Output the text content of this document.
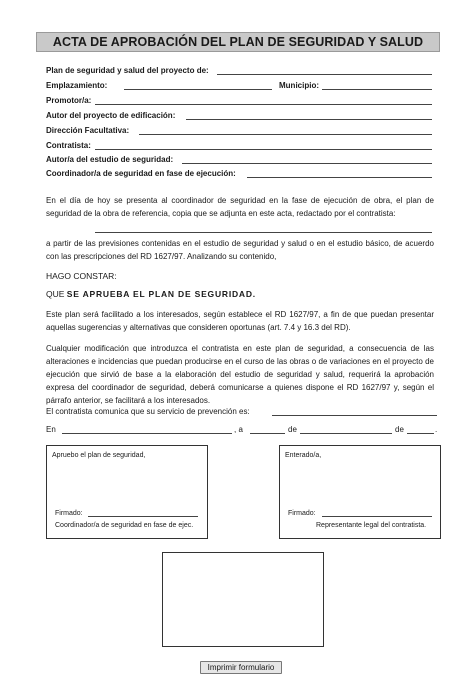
ACTA DE APROBACIÓN DEL PLAN DE SEGURIDAD Y SALUD
Plan de seguridad y salud del proyecto de:
Emplazamiento:	Municipio:
Promotor/a:
Autor del proyecto de edificación:
Dirección Facultativa:
Contratista:
Autor/a del estudio de seguridad:
Coordinador/a de seguridad en fase de ejecución:
En el día de hoy se presenta al coordinador de seguridad en la fase de ejecución de obra, el plan de seguridad de la obra de referencia, copia que se adjunta en este acta, redactado por el contratista:
a partir de las previsiones contenidas en el estudio de seguridad y salud o en el estudio básico, de acuerdo con las prescripciones del RD 1627/97. Analizando su contenido,
HAGO CONSTAR:
QUE SE APRUEBA EL PLAN DE SEGURIDAD.
Este plan será facilitado a los interesados, según establece el RD 1627/97, a fin de que puedan presentar aquellas sugerencias y alternativas que consideren oportunas (art. 7.4 y 16.3 del RD).
Cualquier modificación que introduzca el contratista en este plan de seguridad, a consecuencia de las alteraciones e incidencias que puedan producirse en el curso de las obras o de variaciones en el proyecto de ejecución que sirvió de base a la elaboración del estudio de seguridad y salud, requerirá la aprobación expresa del coordinador de seguridad, deberá comunicarse a quienes dispone el RD 1627/97 y, según el párrafo anterior, se facilitará a los interesados.
El contratista comunica que su servicio de prevención es:
En	, a	de	de	.
Apruebo el plan de seguridad,
Firmado:
Coordinador/a de seguridad en fase de ejec.
Enterado/a,
Firmado:
Representante legal del contratista.
Imprimir formulario
